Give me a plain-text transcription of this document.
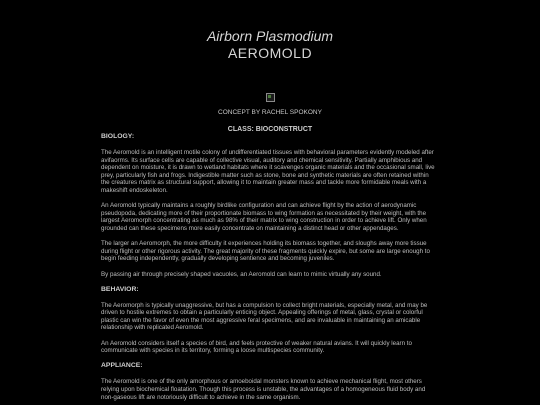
Airborn Plasmodium
AEROMOLD
CONCEPT BY RACHEL SPOKONY
CLASS: BIOCONSTRUCT
BIOLOGY:
The Aeromold is an intelligent motile colony of undifferentiated tissues with behavioral parameters evidently modeled after avifaorms. Its surface cells are capable of collective visual, auditory and chemical sensitivity. Partially amphibious and dependent on moisture, it is drawn to wetland habitats where it scavenges organic materials and the occasional small, live prey, particularly fish and frogs. Indigestible matter such as stone, bone and synthetic materials are often retained within the creatures matrix as structural support, allowing it to maintain greater mass and tackle more formidable meals with a makeshift endoskeleton.
An Aeromold typically maintains a roughly birdlike configuration and can achieve flight by the action of aerodynamic pseudopoda, dedicating more of their proportionate biomass to wing formation as necessitated by their weight, with the largest Aeromorph concentrating as much as 98% of their matrix to wing construction in order to achieve lift. Only when grounded can these specimens more easily concentrate on maintaining a distinct head or other appendages.
The larger an Aeromorph, the more difficulty it experiences holding its biomass together, and sloughs away more tissue during flight or other rigorous activity. The great majority of these fragments quickly expire, but some are large enough to begin feeding independently, gradually developing sentience and becoming juveniles.
By passing air through precisely shaped vacuoles, an Aeromold can learn to mimic virtually any sound.
BEHAVIOR:
The Aeromorph is typically unaggressive, but has a compulsion to collect bright materials, especially metal, and may be driven to hostile extremes to obtain a particularly enticing object. Appealing offerings of metal, glass, crystal or colorful plastic can win the favor of even the most aggressive feral specimens, and are invaluable in maintaining an amicable relationship with replicated Aeromold.
An Aeromold considers itself a species of bird, and feels protective of weaker natural avians. It will quickly learn to communicate with species in its territory, forming a loose multispecies community.
APPLIANCE:
The Aeromold is one of the only amorphous or amoeboidal monsters known to achieve mechanical flight, most others relying upon biochemical floatation. Though this process is unstable, the advantages of a homogeneous fluid body and non-gaseous lift are notoriously difficult to achieve in the same organism.
